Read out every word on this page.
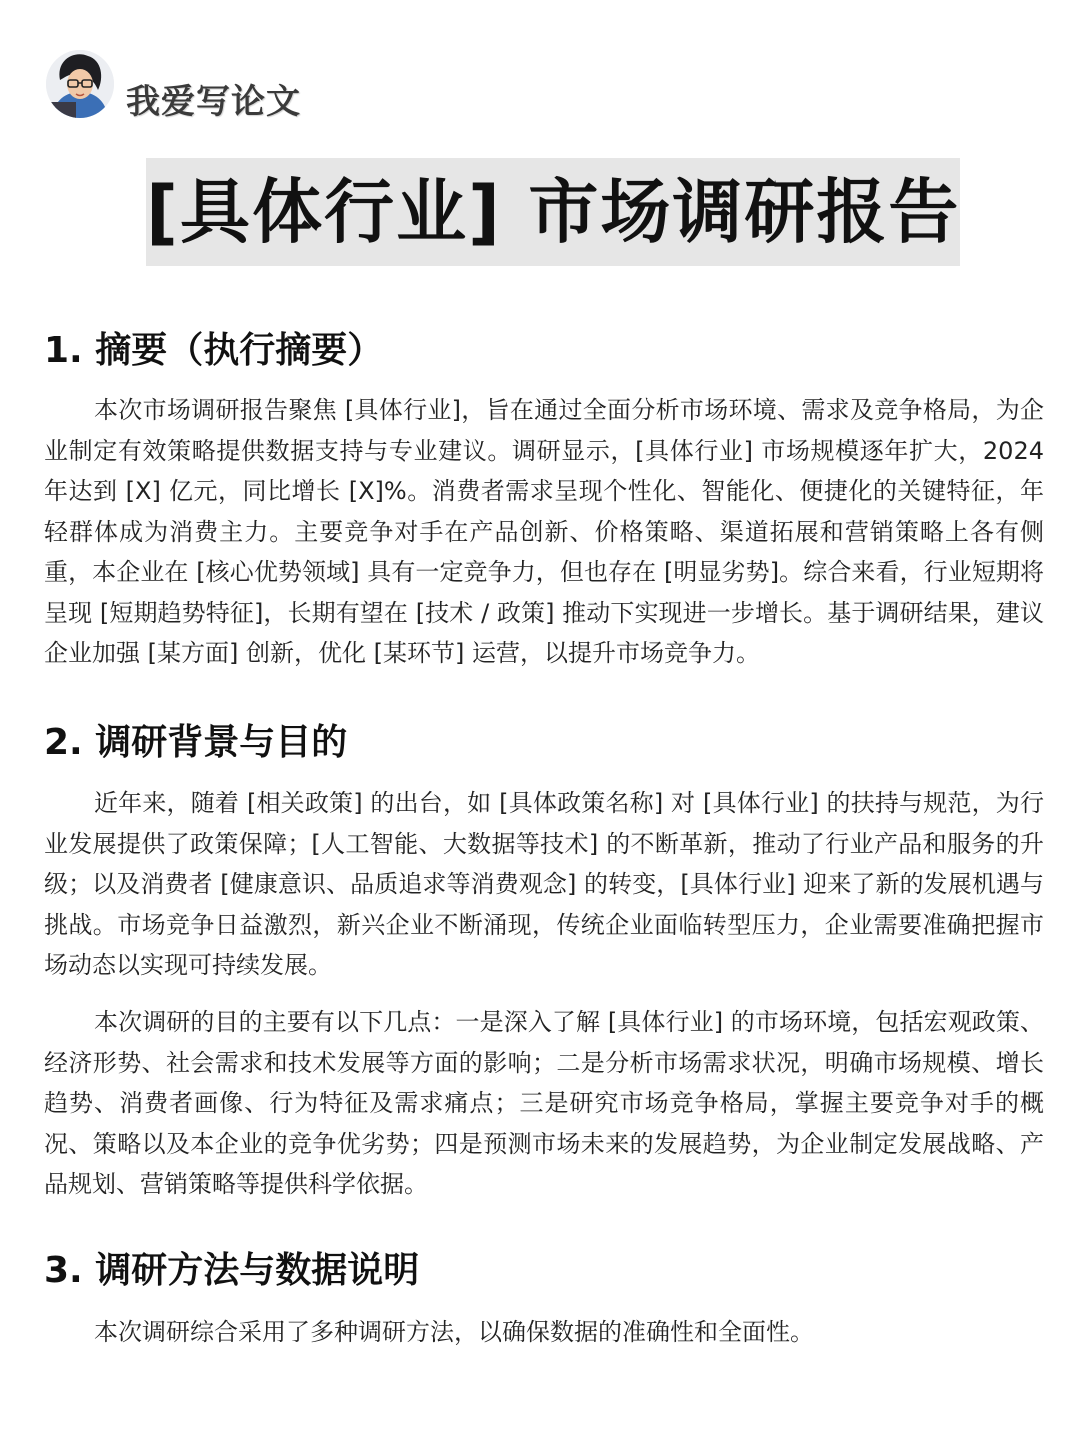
我爱写论文
[具体行业] 市场调研报告
1. 摘要（执行摘要）
本次市场调研报告聚焦 [具体行业]，旨在通过全面分析市场环境、需求及竞争格局，为企业制定有效策略提供数据支持与专业建议。调研显示，[具体行业] 市场规模逐年扩大，2024 年达到 [X] 亿元，同比增长 [X]%。消费者需求呈现个性化、智能化、便捷化的关键特征，年轻群体成为消费主力。主要竞争对手在产品创新、价格策略、渠道拓展和营销策略上各有侧重，本企业在 [核心优势领域] 具有一定竞争力，但也存在 [明显劣势]。综合来看，行业短期将呈现 [短期趋势特征]，长期有望在 [技术 / 政策] 推动下实现进一步增长。基于调研结果，建议企业加强 [某方面] 创新，优化 [某环节] 运营，以提升市场竞争力。
2. 调研背景与目的
近年来，随着 [相关政策] 的出台，如 [具体政策名称] 对 [具体行业] 的扶持与规范，为行业发展提供了政策保障；[人工智能、大数据等技术] 的不断革新，推动了行业产品和服务的升级；以及消费者 [健康意识、品质追求等消费观念] 的转变，[具体行业] 迎来了新的发展机遇与挑战。市场竞争日益激烈，新兴企业不断涌现，传统企业面临转型压力，企业需要准确把握市场动态以实现可持续发展。
本次调研的目的主要有以下几点：一是深入了解 [具体行业] 的市场环境，包括宏观政策、经济形势、社会需求和技术发展等方面的影响；二是分析市场需求状况，明确市场规模、增长趋势、消费者画像、行为特征及需求痛点；三是研究市场竞争格局，掌握主要竞争对手的概况、策略以及本企业的竞争优劣势；四是预测市场未来的发展趋势，为企业制定发展战略、产品规划、营销策略等提供科学依据。
3. 调研方法与数据说明
本次调研综合采用了多种调研方法，以确保数据的准确性和全面性。
